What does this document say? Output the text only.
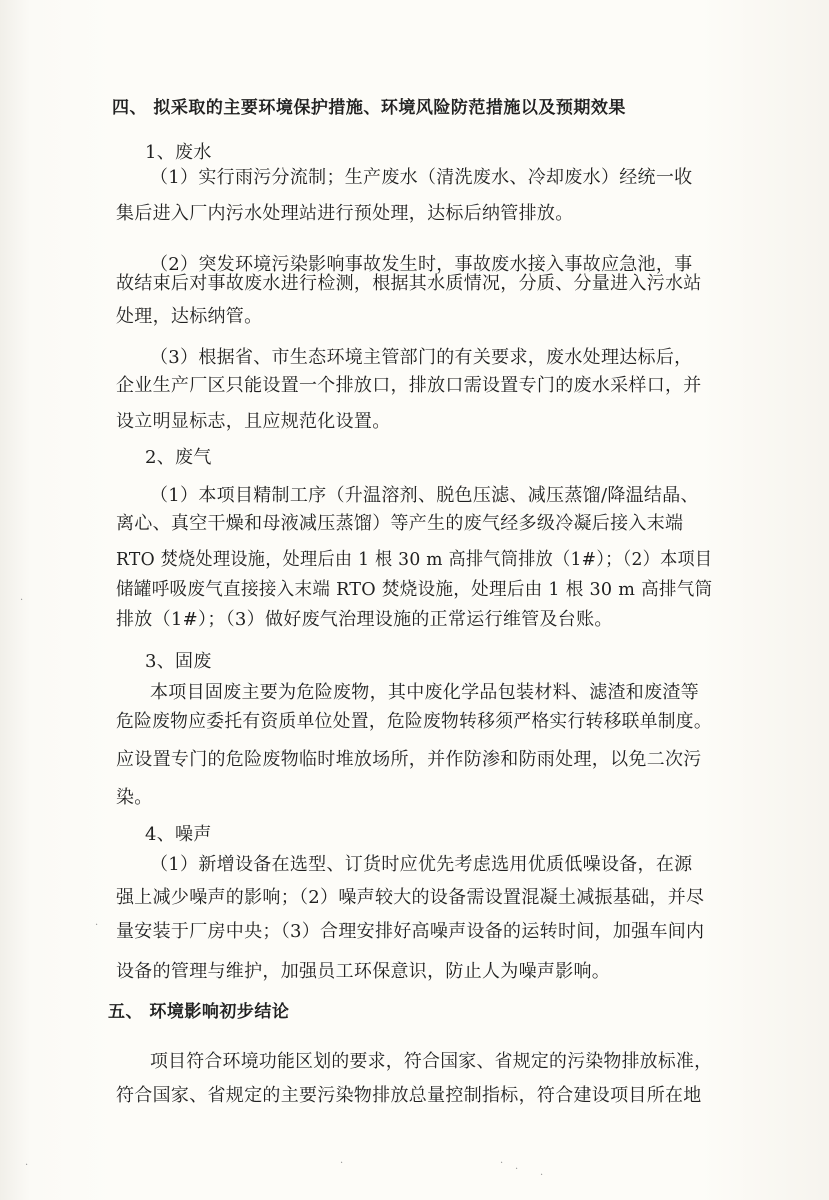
四、 拟采取的主要环境保护措施、环境风险防范措施以及预期效果
1、废水
（1）实行雨污分流制；生产废水（清洗废水、冷却废水）经统一收
集后进入厂内污水处理站进行预处理，达标后纳管排放。
（2）突发环境污染影响事故发生时，事故废水接入事故应急池，事
故结束后对事故废水进行检测，根据其水质情况，分质、分量进入污水站
处理，达标纳管。
（3）根据省、市生态环境主管部门的有关要求，废水处理达标后，
企业生产厂区只能设置一个排放口，排放口需设置专门的废水采样口，并
设立明显标志，且应规范化设置。
2、废气
（1）本项目精制工序（升温溶剂、脱色压滤、减压蒸馏/降温结晶、
离心、真空干燥和母液减压蒸馏）等产生的废气经多级冷凝后接入末端
RTO 焚烧处理设施，处理后由 1 根 30 m 高排气筒排放（1#）；（2）本项目
储罐呼吸废气直接接入末端 RTO 焚烧设施，处理后由 1 根 30 m 高排气筒
排放（1#）；（3）做好废气治理设施的正常运行维管及台账。
3、固废
本项目固废主要为危险废物，其中废化学品包装材料、滤渣和废渣等
危险废物应委托有资质单位处置，危险废物转移须严格实行转移联单制度。
应设置专门的危险废物临时堆放场所，并作防渗和防雨处理，以免二次污
染。
4、噪声
（1）新增设备在选型、订货时应优先考虑选用优质低噪设备，在源
强上减少噪声的影响；（2）噪声较大的设备需设置混凝土减振基础，并尽
量安装于厂房中央；（3）合理安排好高噪声设备的运转时间，加强车间内
设备的管理与维护，加强员工环保意识，防止人为噪声影响。
五、 环境影响初步结论
项目符合环境功能区划的要求，符合国家、省规定的污染物排放标准，
符合国家、省规定的主要污染物排放总量控制指标，符合建设项目所在地
·
·
·	·	·
·
·
